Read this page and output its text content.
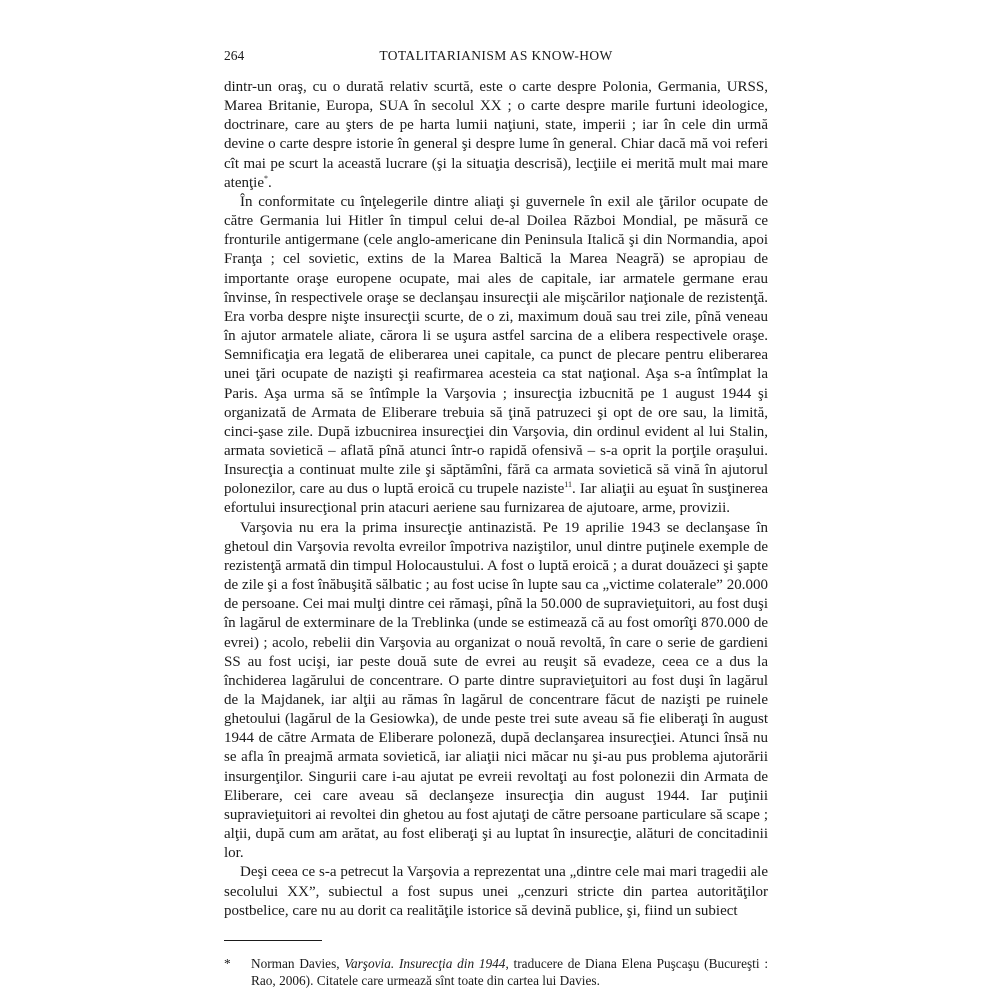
264	TOTALITARIANISM AS KNOW-HOW

dintr-un oraş, cu o durată relativ scurtă, este o carte despre Polonia, Germania, URSS, Marea Britanie, Europa, SUA în secolul XX ; o carte despre marile furtuni ideologice, doctrinare, care au şters de pe harta lumii naţiuni, state, imperii ; iar în cele din urmă devine o carte despre istorie în general şi despre lume în general. Chiar dacă mă voi referi cît mai pe scurt la această lucrare (şi la situaţia descrisă), lecţiile ei merită mult mai mare atenţie*.

În conformitate cu înţelegerile dintre aliaţi şi guvernele în exil ale ţărilor ocupate de către Germania lui Hitler în timpul celui de-al Doilea Război Mondial, pe măsură ce fronturile antigermane (cele anglo-americane din Peninsula Italică şi din Normandia, apoi Franţa ; cel sovietic, extins de la Marea Baltică la Marea Neagră) se apropiau de importante oraşe europene ocupate, mai ales de capitale, iar armatele germane erau învinse, în respectivele oraşe se declanşau insurecţii ale mişcărilor naţionale de rezistenţă. Era vorba despre nişte insurecţii scurte, de o zi, maximum două sau trei zile, pînă veneau în ajutor armatele aliate, cărora li se uşura astfel sarcina de a elibera respectivele oraşe. Semnificaţia era legată de eliberarea unei capitale, ca punct de plecare pentru eliberarea unei ţări ocupate de nazişti şi reafirmarea acesteia ca stat naţional. Aşa s-a întîmplat la Paris. Aşa urma să se întîmple la Varşovia ; insurecţia izbucnită pe 1 august 1944 şi organizată de Armata de Eliberare trebuia să ţină patruzeci şi opt de ore sau, la limită, cinci-şase zile. După izbucnirea insurecţiei din Varşovia, din ordinul evident al lui Stalin, armata sovietică – aflată pînă atunci într-o rapidă ofensivă – s-a oprit la porţile oraşului. Insurecţia a continuat multe zile şi săptămîni, fără ca armata sovietică să vină în ajutorul polonezilor, care au dus o luptă eroică cu trupele naziste$^{11}$. Iar aliaţii au eşuat în susţinerea efortului insurecţional prin atacuri aeriene sau furnizarea de ajutoare, arme, provizii.

Varşovia nu era la prima insurecţie antinazistă. Pe 19 aprilie 1943 se declanşase în ghetoul din Varşovia revolta evreilor împotriva naziştilor, unul dintre puţinele exemple de rezistenţă armată din timpul Holocaustului. A fost o luptă eroică ; a durat douăzeci şi şapte de zile şi a fost înăbuşită sălbatic ; au fost ucise în lupte sau ca „victime colaterale” 20.000 de persoane. Cei mai mulţi dintre cei rămaşi, pînă la 50.000 de supravieţuitori, au fost duşi în lagărul de exterminare de la Treblinka (unde se estimează că au fost omorîţi 870.000 de evrei) ; acolo, rebelii din Varşovia au organizat o nouă revoltă, în care o serie de gardieni SS au fost ucişi, iar peste două sute de evrei au reuşit să evadeze, ceea ce a dus la închiderea lagărului de concentrare. O parte dintre supravieţuitori au fost duşi în lagărul de la Majdanek, iar alţii au rămas în lagărul de concentrare făcut de nazişti pe ruinele ghetoului (lagărul de la Gesiowka), de unde peste trei sute aveau să fie eliberaţi în august 1944 de către Armata de Eliberare poloneză, după declanşarea insurecţiei. Atunci însă nu se afla în preajmă armata sovietică, iar aliaţii nici măcar nu şi-au pus problema ajutorării insurgenţilor. Singurii care i-au ajutat pe evreii revoltaţi au fost polonezii din Armata de Eliberare, cei care aveau să declanşeze insurecţia din august 1944. Iar puţinii supravieţuitori ai revoltei din ghetou au fost ajutaţi de către persoane particulare să scape ; alţii, după cum am arătat, au fost eliberaţi şi au luptat în insurecţie, alături de concitadinii lor.

Deşi ceea ce s-a petrecut la Varşovia a reprezentat una „dintre cele mai mari tragedii ale secolului XX”, subiectul a fost supus unei „cenzuri stricte din partea autorităţilor postbelice, care nu au dorit ca realităţile istorice să devină publice, şi, fiind un subiect

* Norman Davies, Varşovia. Insurecţia din 1944, traducere de Diana Elena Puşcaşu (Bucureşti : Rao, 2006). Citatele care urmează sînt toate din cartea lui Davies.
